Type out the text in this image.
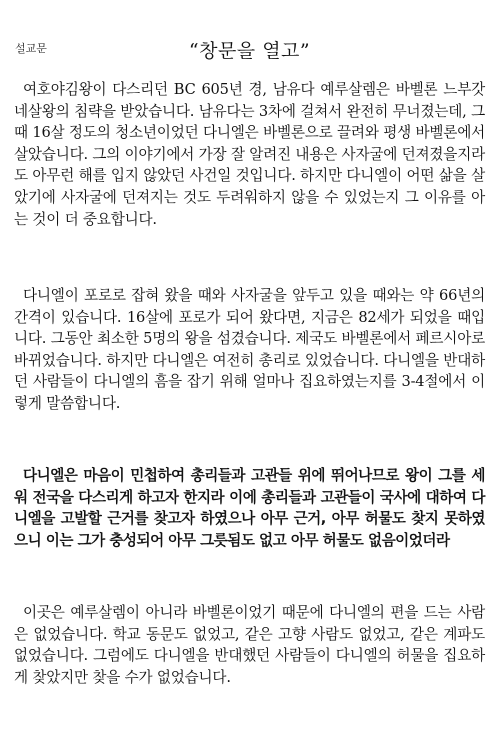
설교문	“창문을 열고”

여호야김왕이 다스리던 BC 605년 경, 남유다 예루살렘은 바벨론 느부갓네살왕의 침략을 받았습니다. 남유다는 3차에 걸쳐서 완전히 무너졌는데, 그때 16살 정도의 청소년이었던 다니엘은 바벨론으로 끌려와 평생 바벨론에서 살았습니다. 그의 이야기에서 가장 잘 알려진 내용은 사자굴에 던져졌을지라도 아무런 해를 입지 않았던 사건일 것입니다. 하지만 다니엘이 어떤 삶을 살았기에 사자굴에 던져지는 것도 두려워하지 않을 수 있었는지 그 이유를 아는 것이 더 중요합니다.

다니엘이 포로로 잡혀 왔을 때와 사자굴을 앞두고 있을 때와는 약 66년의 간격이 있습니다. 16살에 포로가 되어 왔다면, 지금은 82세가 되었을 때입니다. 그동안 최소한 5명의 왕을 섬겼습니다. 제국도 바벨론에서 페르시아로 바뀌었습니다. 하지만 다니엘은 여전히 총리로 있었습니다. 다니엘을 반대하던 사람들이 다니엘의 흠을 잡기 위해 얼마나 집요하였는지를 3-4절에서 이렇게 말씀합니다.

다니엘은 마음이 민첩하여 총리들과 고관들 위에 뛰어나므로 왕이 그를 세워 전국을 다스리게 하고자 한지라 이에 총리들과 고관들이 국사에 대하여 다니엘을 고발할 근거를 찾고자 하였으나 아무 근거, 아무 허물도 찾지 못하였으니 이는 그가 충성되어 아무 그릇됨도 없고 아무 허물도 없음이었더라

이곳은 예루살렘이 아니라 바벨론이었기 때문에 다니엘의 편을 드는 사람은 없었습니다. 학교 동문도 없었고, 같은 고향 사람도 없었고, 같은 계파도 없었습니다. 그럼에도 다니엘을 반대했던 사람들이 다니엘의 허물을 집요하게 찾았지만 찾을 수가 없었습니다.
